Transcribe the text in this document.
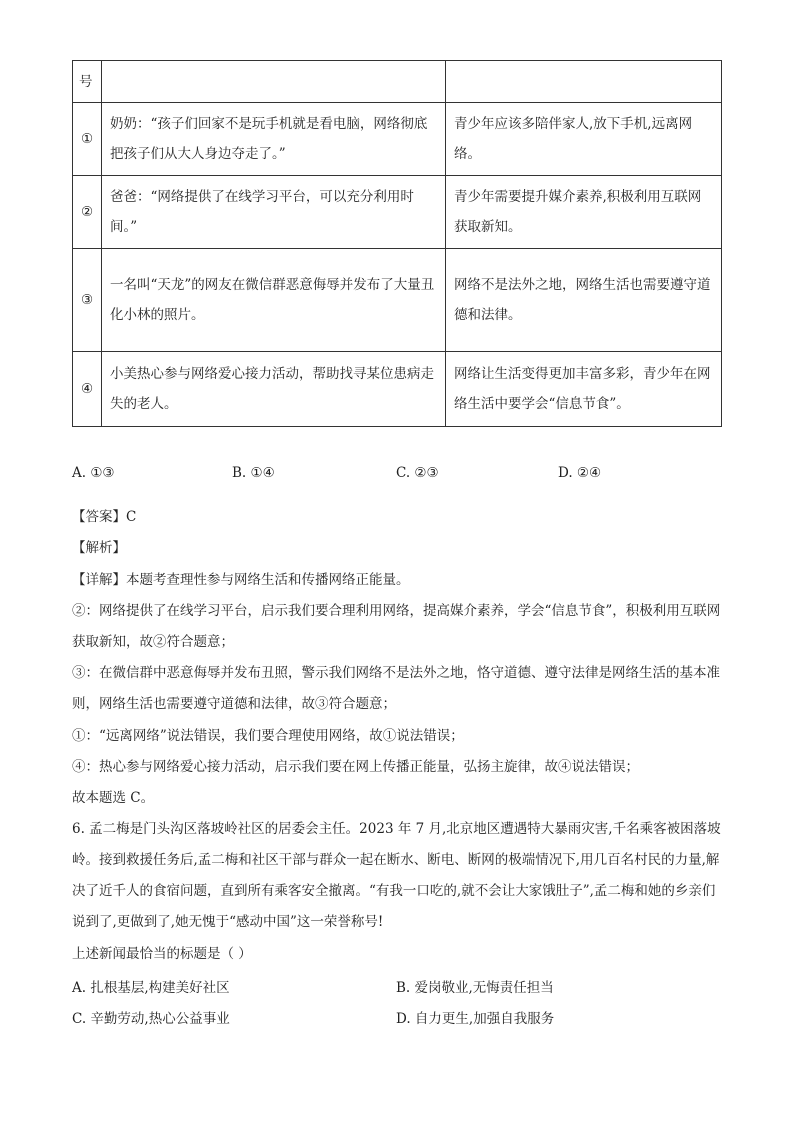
号		
①	奶奶：“孩子们回家不是玩手机就是看电脑，网络彻底把孩子们从大人身边夺走了。”	青少年应该多陪伴家人,放下手机,远离网络。
②	爸爸：“网络提供了在线学习平台，可以充分利用时间。”	青少年需要提升媒介素养,积极利用互联网获取新知。
③	一名叫“天龙”的网友在微信群恶意侮辱并发布了大量丑化小林的照片。	网络不是法外之地，网络生活也需要遵守道德和法律。
④	小美热心参与网络爱心接力活动，帮助找寻某位患病走失的老人。	网络让生活变得更加丰富多彩，青少年在网络生活中要学会“信息节食”。
A. ①③	B. ①④	C. ②③	D. ②④
【答案】C
【解析】
【详解】本题考查理性参与网络生活和传播网络正能量。
②：网络提供了在线学习平台，启示我们要合理利用网络，提高媒介素养，学会“信息节食”，积极利用互联网获取新知，故②符合题意；
③：在微信群中恶意侮辱并发布丑照，警示我们网络不是法外之地，恪守道德、遵守法律是网络生活的基本准则，网络生活也需要遵守道德和法律，故③符合题意；
①：“远离网络”说法错误，我们要合理使用网络，故①说法错误；
④：热心参与网络爱心接力活动，启示我们要在网上传播正能量，弘扬主旋律，故④说法错误；
故本题选 C。
6. 孟二梅是门头沟区落坡岭社区的居委会主任。2023 年 7 月,北京地区遭遇特大暴雨灾害,千名乘客被困落坡岭。接到救援任务后,孟二梅和社区干部与群众一起在断水、断电、断网的极端情况下,用几百名村民的力量,解决了近千人的食宿问题，直到所有乘客安全撤离。“有我一口吃的,就不会让大家饿肚子”,孟二梅和她的乡亲们说到了,更做到了,她无愧于“感动中国”这一荣誉称号!
上述新闻最恰当的标题是（ ）
A. 扎根基层,构建美好社区	B. 爱岗敬业,无悔责任担当
C. 辛勤劳动,热心公益事业	D. 自力更生,加强自我服务
